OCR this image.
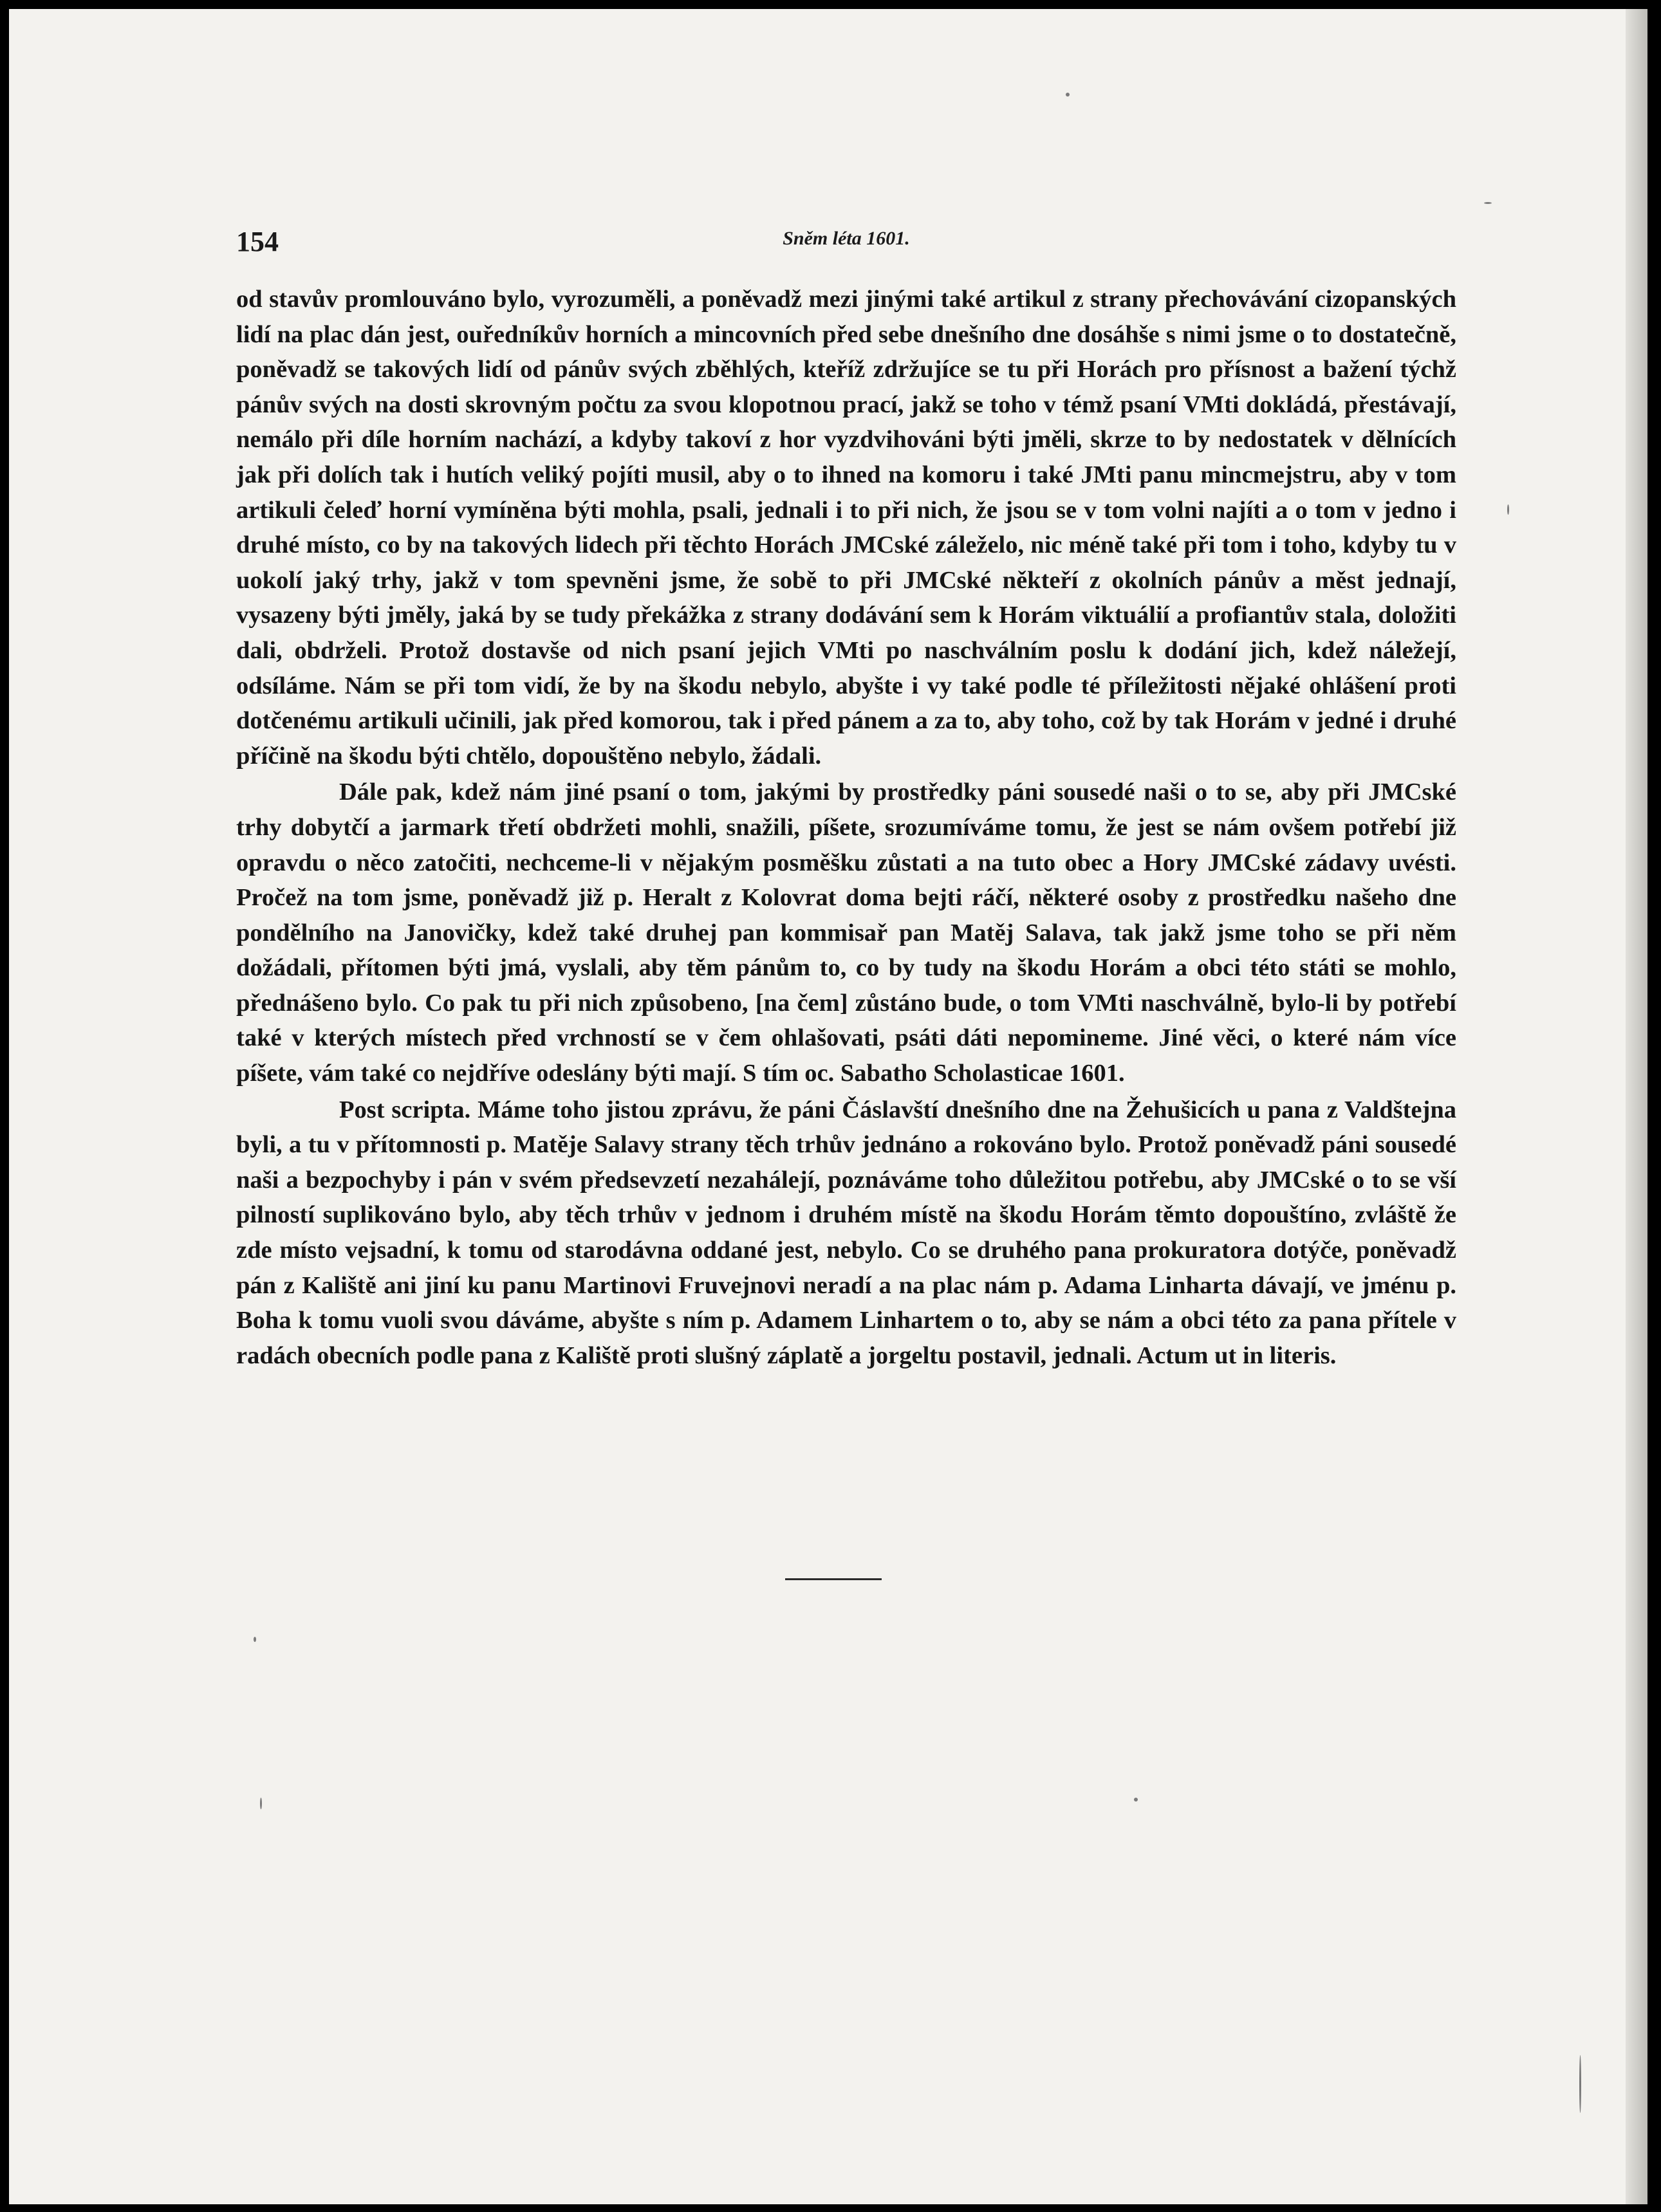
154	Sněm léta 1601.

od stavův promlouváno bylo, vyrozuměli, a poněvadž mezi jinými také artikul z strany přechovávání cizopanských lidí na plac dán jest, ouředníkův horních a mincovních před sebe dnešního dne dosáhše s nimi jsme o to dostatečně, poněvadž se takových lidí od pánův svých zběhlých, kteříž zdržujíce se tu při Horách pro přísnost a bažení týchž pánův svých na dosti skrovným počtu za svou klopotnou prací, jakž se toho v témž psaní VMti dokládá, přestávají, nemálo při díle horním nachází, a kdyby takoví z hor vyzdvihováni býti jměli, skrze to by nedostatek v dělnících jak při dolích tak i hutích veliký pojíti musil, aby o to ihned na komoru i také JMti panu mincmejstru, aby v tom artikuli čeleď horní vymíněna býti mohla, psali, jednali i to při nich, že jsou se v tom volni najíti a o tom v jedno i druhé místo, co by na takových lidech při těchto Horách JMCské záleželo, nic méně také při tom i toho, kdyby tu v uokolí jaký trhy, jakž v tom spevněni jsme, že sobě to při JMCské někteří z okolních pánův a měst jednají, vysazeny býti jměly, jaká by se tudy překážka z strany dodávání sem k Horám viktuálií a profiantův stala, doložiti dali, obdrželi. Protož dostavše od nich psaní jejich VMti po naschválním poslu k dodání jich, kdež náležejí, odsíláme. Nám se při tom vidí, že by na škodu nebylo, abyšte i vy také podle té příležitosti nějaké ohlášení proti dotčenému artikuli učinili, jak před komorou, tak i před pánem a za to, aby toho, což by tak Horám v jedné i druhé příčině na škodu býti chtělo, dopouštěno nebylo, žádali.

Dále pak, kdež nám jiné psaní o tom, jakými by prostředky páni sousedé naši o to se, aby při JMCské trhy dobytčí a jarmark třetí obdržeti mohli, snažili, píšete, srozumíváme tomu, že jest se nám ovšem potřebí již opravdu o něco zatočiti, nechceme-li v nějakým posměšku zůstati a na tuto obec a Hory JMCské zádavy uvésti. Pročež na tom jsme, poněvadž již p. Heralt z Kolovrat doma bejti ráčí, některé osoby z prostředku našeho dne pondělního na Janovičky, kdež také druhej pan kommisař pan Matěj Salava, tak jakž jsme toho se při něm dožádali, přítomen býti jmá, vyslali, aby těm pánům to, co by tudy na škodu Horám a obci této státi se mohlo, přednášeno bylo. Co pak tu při nich způsobeno, [na čem] zůstáno bude, o tom VMti naschválně, bylo-li by potřebí také v kterých místech před vrchností se v čem ohlašovati, psáti dáti nepomineme. Jiné věci, o které nám více píšete, vám také co nejdříve odeslány býti mají. S tím oc. Sabatho Scholasticae 1601.

Post scripta. Máme toho jistou zprávu, že páni Čáslavští dnešního dne na Žehušicích u pana z Valdštejna byli, a tu v přítomnosti p. Matěje Salavy strany těch trhův jednáno a rokováno bylo. Protož poněvadž páni sousedé naši a bezpochyby i pán v svém předsevzetí nezahálejí, poznáváme toho důležitou potřebu, aby JMCské o to se vší pilností suplikováno bylo, aby těch trhův v jednom i druhém místě na škodu Horám těmto dopouštíno, zvláště že zde místo vejsadní, k tomu od starodávna oddané jest, nebylo. Co se druhého pana prokuratora dotýče, poněvadž pán z Kaliště ani jiní ku panu Martinovi Fruvejnovi neradí a na plac nám p. Adama Linharta dávají, ve jménu p. Boha k tomu vuoli svou dáváme, abyšte s ním p. Adamem Linhartem o to, aby se nám a obci této za pana přítele v radách obecních podle pana z Kaliště proti slušný záplatě a jorgeltu postavil, jednali. Actum ut in literis.
